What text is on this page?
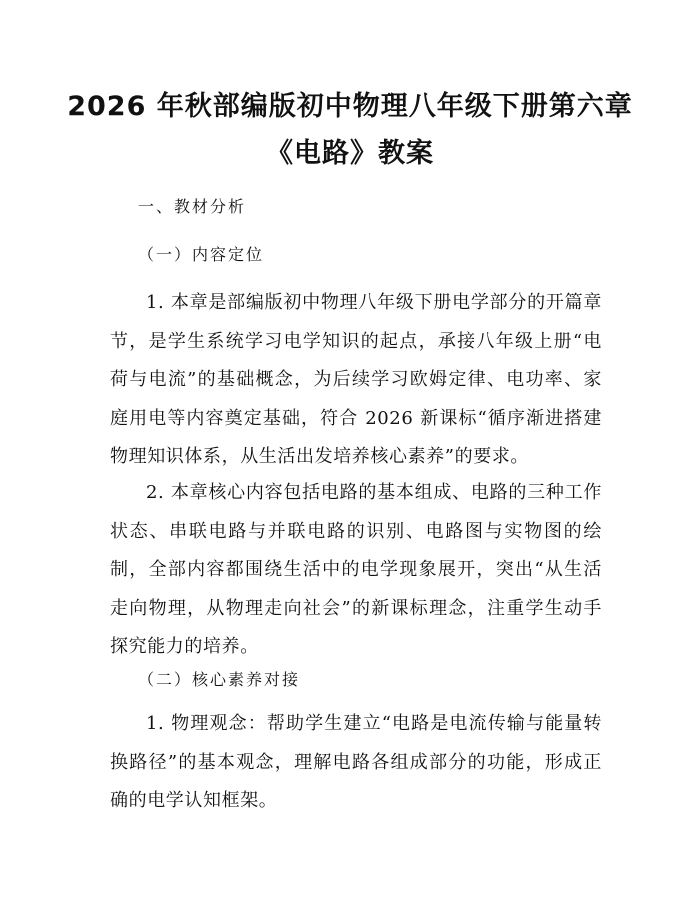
2026 年秋部编版初中物理八年级下册第六章
《电路》教案
一、教材分析
（一）内容定位

1. 本章是部编版初中物理八年级下册电学部分的开篇章节，是学生系统学习电学知识的起点，承接八年级上册“电荷与电流”的基础概念，为后续学习欧姆定律、电功率、家庭用电等内容奠定基础，符合 2026 新课标“循序渐进搭建物理知识体系，从生活出发培养核心素养”的要求。

2. 本章核心内容包括电路的基本组成、电路的三种工作状态、串联电路与并联电路的识别、电路图与实物图的绘制，全部内容都围绕生活中的电学现象展开，突出“从生活走向物理，从物理走向社会”的新课标理念，注重学生动手探究能力的培养。

（二）核心素养对接

1. 物理观念：帮助学生建立“电路是电流传输与能量转换路径”的基本观念，理解电路各组成部分的功能，形成正确的电学认知框架。
